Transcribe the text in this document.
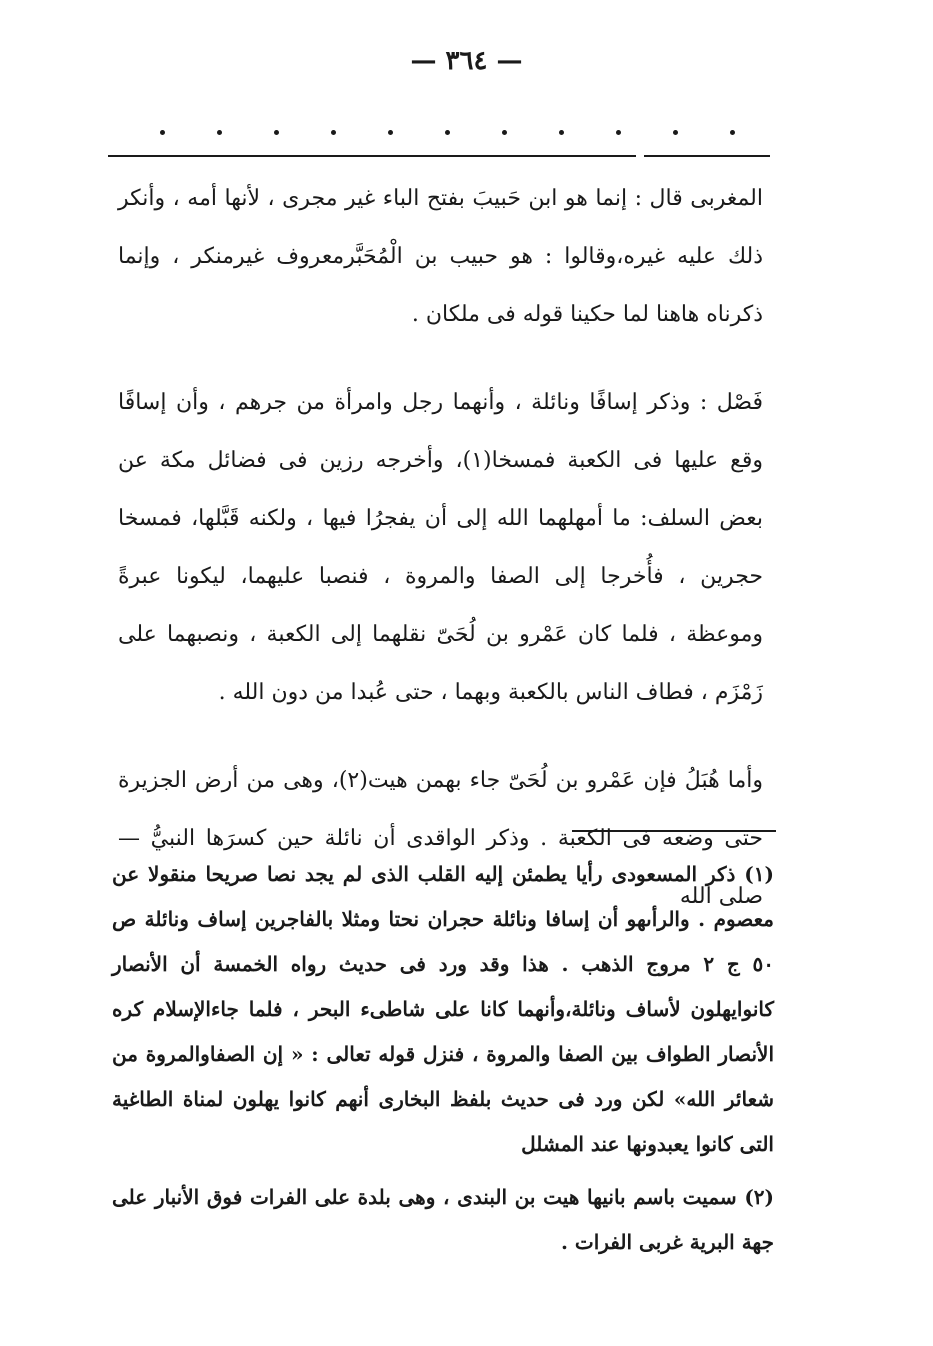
— ٣٦٤ —

المغربى قال : إنما هو ابن حَبيبَ بفتح الباء غير مجرى ، لأنها أمه ، وأنكر ذلك عليه غيره،وقالوا : هو حبيب بن الْمُحَبَّرمعروف غيرمنكر ، وإنما ذكرناه هاهنا لما حكينا قوله فى ملكان .

فَصْل : وذكر إسافًا ونائلة ، وأنهما رجل وامرأة من جرهم ، وأن إسافًا وقع عليها فى الكعبة فمسخا(١)، وأخرجه رزين فى فضائل مكة عن بعض السلف: ما أمهلهما الله إلى أن يفجرُا فيها ، ولكنه قَبَّلها، فمسخا حجرين ، فأُخرجا إلى الصفا والمروة ، فنصبا عليهما، ليكونا عبرةً وموعظة ، فلما كان عَمْرو بن لُحَىّ نقلهما إلى الكعبة ، ونصبهما على زَمْزَم ، فطاف الناس بالكعبة وبهما ، حتى عُبدا من دون الله .

وأما هُبَلُ فإن عَمْرو بن لُحَىّ جاء بهمن هيت(٢)، وهى من أرض الجزيرة حتى وضعه فى الكعبة . وذكر الواقدى أن نائلة حين كسرَها النبيُّ — صلى الله

(١) ذكر المسعودى رأيا يطمئن إليه القلب الذى لم يجد نصا صريحا منقولا عن معصوم . والرأىهو أن إسافا ونائلة حجران نحتا ومثلا بالفاجرين إساف ونائلة ص ٥٠ ج ٢ مروج الذهب . هذا وقد ورد فى حديث رواه الخمسة أن الأنصار كانوايهلون لأساف ونائلة،وأنهما كانا على شاطىء البحر ، فلما جاءالإسلام كره الأنصار الطواف بين الصفا والمروة ، فنزل قوله تعالى : « إن الصفاوالمروة من شعائر الله» لكن ورد فى حديث بلفظ البخارى أنهم كانوا يهلون لمناة الطاغية التى كانوا يعبدونها عند المشلل

(٢) سميت باسم بانيها هيت بن البندى ، وهى بلدة على الفرات فوق الأنبار على جهة البرية غربى الفرات .
